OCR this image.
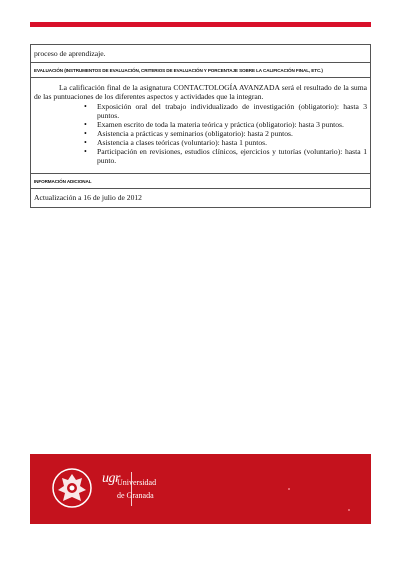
proceso de aprendizaje.
EVALUACIÓN (INSTRUMENTOS DE EVALUACIÓN, CRITERIOS DE EVALUACIÓN Y PORCENTAJE SOBRE LA CALIFICACIÓN FINAL, ETC.)

La calificación final de la asignatura CONTACTOLOGÍA AVANZADA será el resultado de la suma de las puntuaciones de los diferentes aspectos y actividades que la integran.

• Exposición oral del trabajo individualizado de investigación (obligatorio): hasta 3 puntos.
• Examen escrito de toda la materia teórica y práctica (obligatorio): hasta 3 puntos.
• Asistencia a prácticas y seminarios (obligatorio): hasta 2 puntos.
• Asistencia a clases teóricas (voluntario): hasta 1 puntos.
• Participación en revisiones, estudios clínicos, ejercicios y tutorías (voluntario): hasta 1 punto.
INFORMACIÓN ADICIONAL
Actualización a 16 de julio de 2012
ugr
Universidad
de Granada
